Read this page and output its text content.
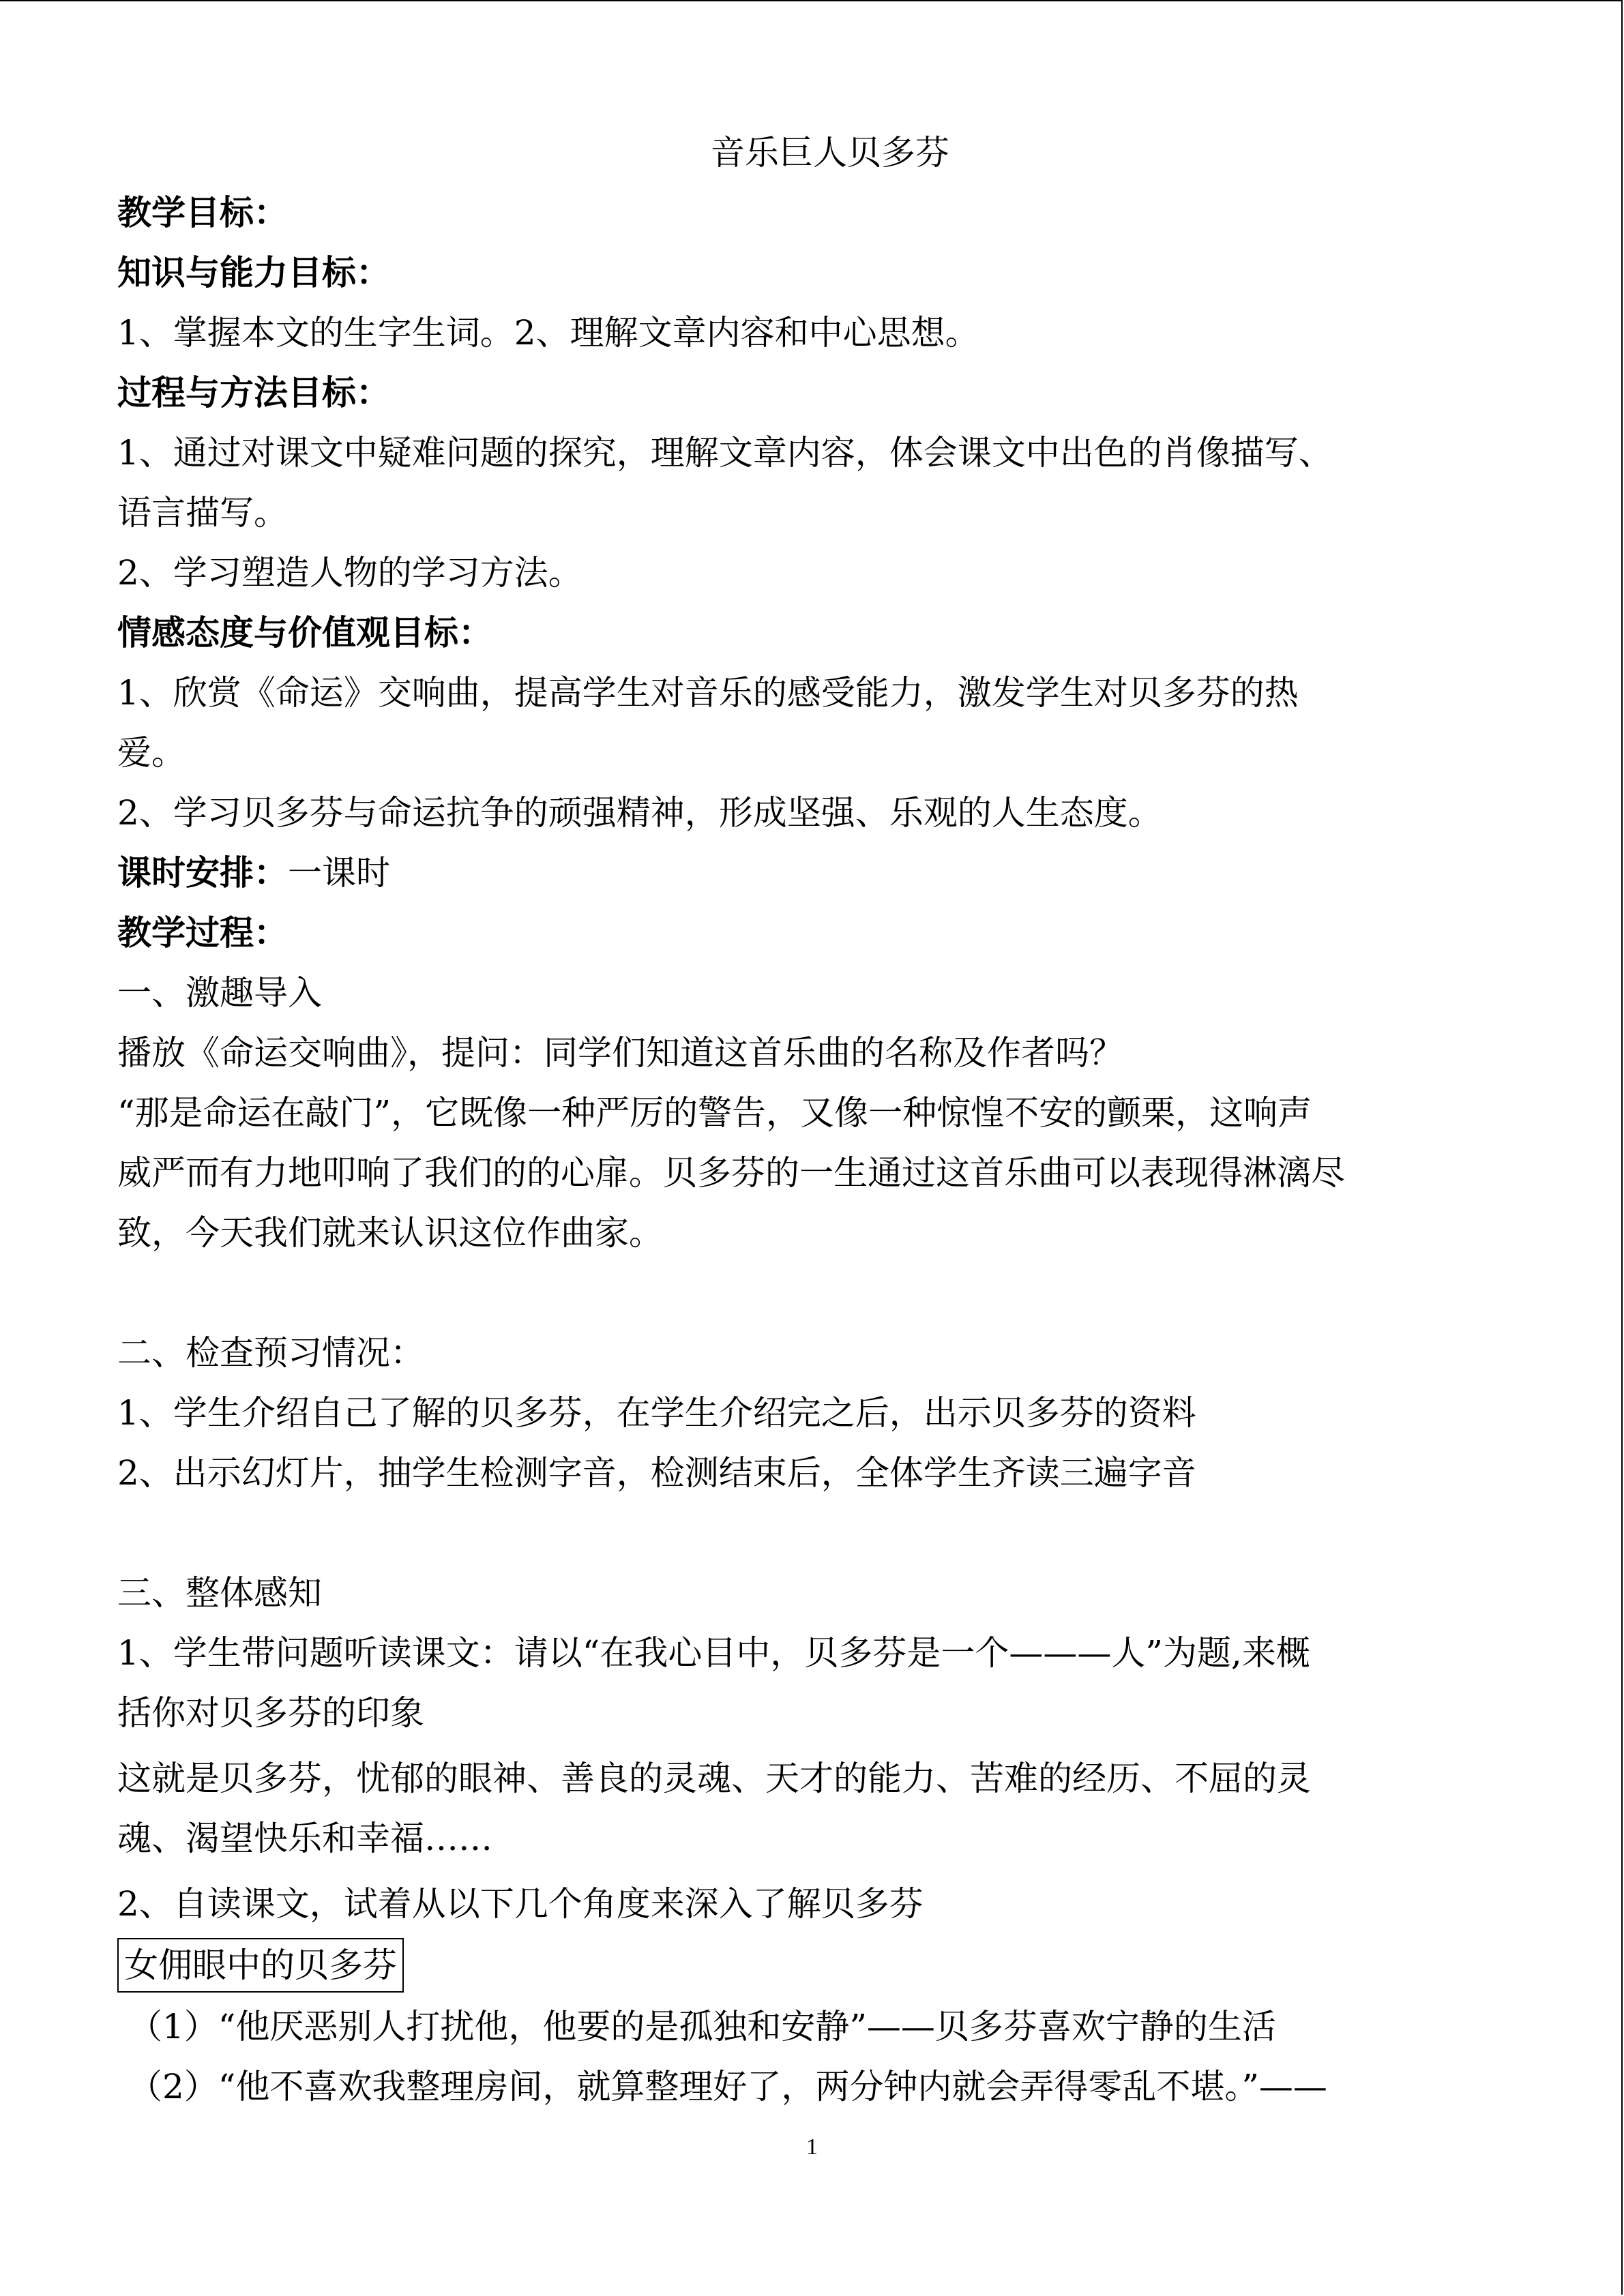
音乐巨人贝多芬
教学目标：
知识与能力目标：
1、掌握本文的生字生词。2、理解文章内容和中心思想。
过程与方法目标：
1、通过对课文中疑难问题的探究，理解文章内容，体会课文中出色的肖像描写、
语言描写。
2、学习塑造人物的学习方法。
情感态度与价值观目标：
1、欣赏《命运》交响曲，提高学生对音乐的感受能力，激发学生对贝多芬的热
爱。
2、学习贝多芬与命运抗争的顽强精神，形成坚强、乐观的人生态度。
课时安排：一课时
教学过程：
一、激趣导入
播放《命运交响曲》，提问：同学们知道这首乐曲的名称及作者吗？
“那是命运在敲门”，它既像一种严厉的警告，又像一种惊惶不安的颤栗，这响声
威严而有力地叩响了我们的的心扉。贝多芬的一生通过这首乐曲可以表现得淋漓尽
致，今天我们就来认识这位作曲家。
二、检查预习情况：
1、学生介绍自己了解的贝多芬，在学生介绍完之后，出示贝多芬的资料
2、出示幻灯片，抽学生检测字音，检测结束后，全体学生齐读三遍字音
三、整体感知
1、学生带问题听读课文：请以“在我心目中，贝多芬是一个———人”为题,来概
括你对贝多芬的印象
这就是贝多芬，忧郁的眼神、善良的灵魂、天才的能力、苦难的经历、不屈的灵
魂、渴望快乐和幸福……
2、自读课文，试着从以下几个角度来深入了解贝多芬
女佣眼中的贝多芬
（1）“他厌恶别人打扰他，他要的是孤独和安静”——贝多芬喜欢宁静的生活
（2）“他不喜欢我整理房间，就算整理好了，两分钟内就会弄得零乱不堪。”——
1
